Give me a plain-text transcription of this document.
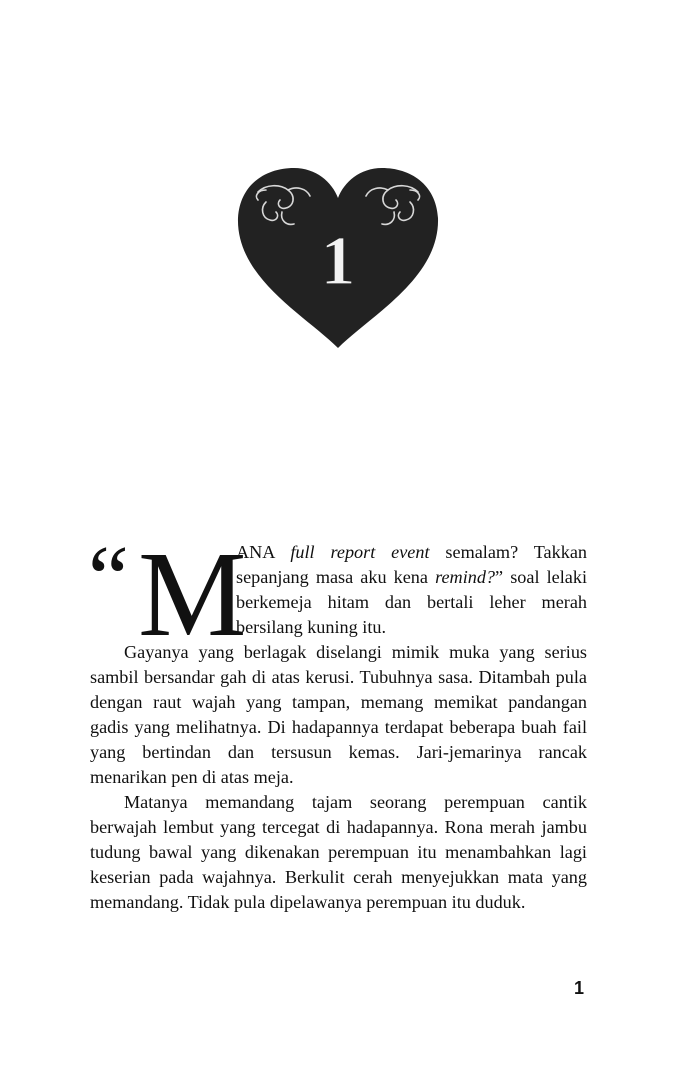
1
“ M

ANA full report event semalam? Takkan sepanjang masa aku kena remind?” soal lelaki berkemeja hitam dan bertali leher merah bersilang kuning itu.

Gayanya yang berlagak diselangi mimik muka yang serius sambil bersandar gah di atas kerusi. Tubuhnya sasa. Ditambah pula dengan raut wajah yang tampan, memang memikat pandangan gadis yang melihatnya. Di hadapannya terdapat beberapa buah fail yang bertindan dan tersusun kemas. Jari-jemarinya rancak menarikan pen di atas meja.

Matanya memandang tajam seorang perempuan cantik berwajah lembut yang tercegat di hadapannya. Rona merah jambu tudung bawal yang dikenakan perempuan itu menambahkan lagi keserian pada wajahnya. Berkulit cerah menyejukkan mata yang memandang. Tidak pula dipelawanya perempuan itu duduk.

1
